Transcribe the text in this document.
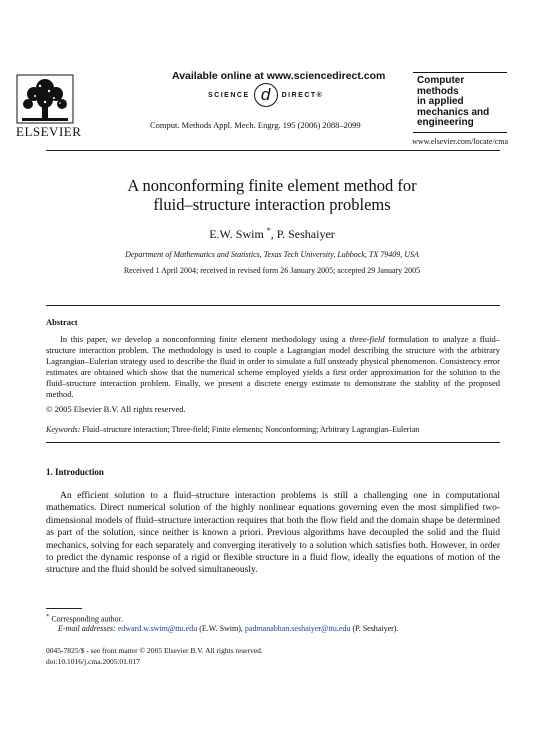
ELSEVIER
Available online at www.sciencedirect.com
SCIENCE d	DIRECT®
Comput. Methods Appl. Mech. Engrg. 195 (2006) 2088–2099
Computer methods
in applied
mechanics and
engineering
www.elsevier.com/locate/cma
A nonconforming finite element method for
fluid–structure interaction problems
E.W. Swim *, P. Seshaiyer
Department of Mathematics and Statistics, Texas Tech University, Lubbock, TX 79409, USA
Received 1 April 2004; received in revised form 26 January 2005; accepted 29 January 2005
Abstract

In this paper, we develop a nonconforming finite element methodology using a three-field formulation to analyze a fluid–structure interaction problem. The methodology is used to couple a Lagrangian model describing the structure with the arbitrary Lagrangian–Eulerian strategy used to describe the fluid in order to simulate a full unsteady physical phenomenon. Consistency error estimates are obtained which show that the numerical scheme employed yields a first order approximation for the solution to the fluid–structure interaction problem. Finally, we present a discrete energy estimate to demonstrate the stablity of the proposed method.

© 2005 Elsevier B.V. All rights reserved.
Keywords: Fluid–structure interaction; Three-field; Finite elements; Nonconforming; Arbitrary Lagrangian–Eulerian
1. Introduction

An efficient solution to a fluid–structure interaction problems is still a challenging one in computational mathematics. Direct numerical solution of the highly nonlinear equations governing even the most simplified two-dimensional models of fluid–structure interaction requires that both the flow field and the domain shape be determined as part of the solution, since neither is known a priori. Previous algorithms have decoupled the solid and the fluid mechanics, solving for each separately and converging iteratively to a solution which satisfies both. However, in order to predict the dynamic response of a rigid or flexible structure in a fluid flow, ideally the equations of motion of the structure and the fluid should be solved simultaneously.

* Corresponding author.
E-mail addresses: edward.w.swim@ttu.edu (E.W. Swim), padmanabhan.seshaiyer@ttu.edu (P. Seshaiyer).
0045-7825/$ - see front matter © 2005 Elsevier B.V. All rights reserved.
doi:10.1016/j.cma.2005.01.017
